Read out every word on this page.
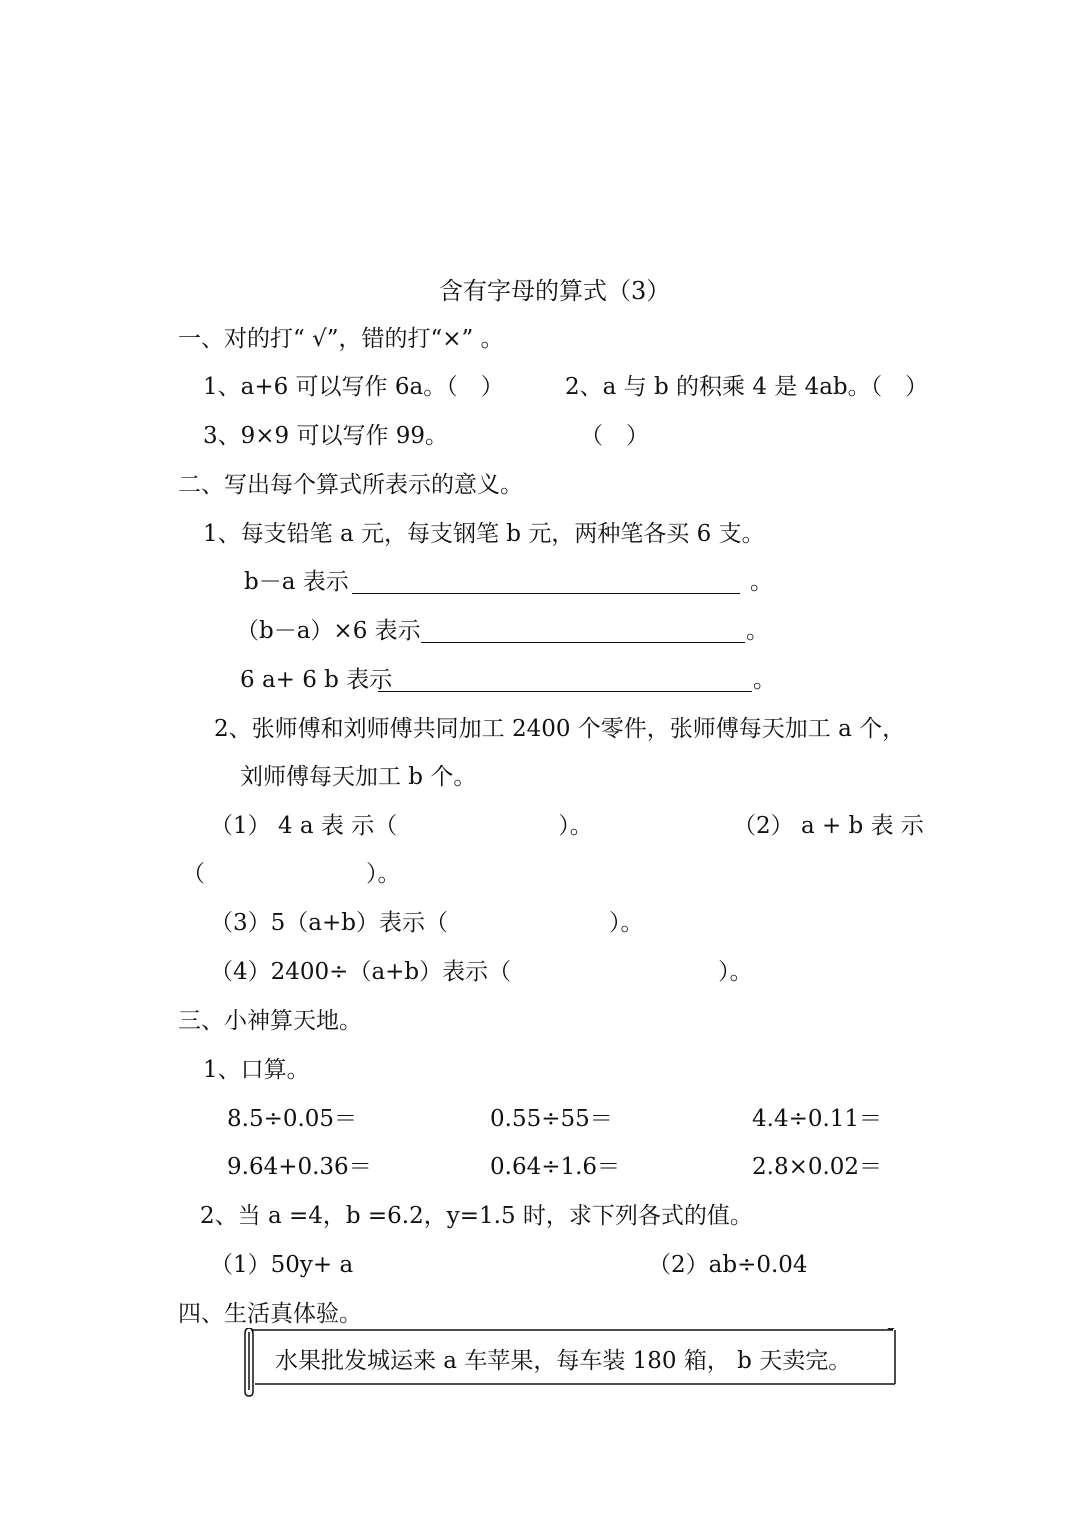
含有字母的算式（3）
一、对的打“ √”，错的打“×” 。
1、a+6 可以写作 6a。（　）	2、a 与 b 的积乘 4 是 4ab。（　）
3、9×9 可以写作 99。	（　）
二、写出每个算式所表示的意义。
1、每支铅笔 a 元，每支钢笔 b 元，两种笔各买 6 支。
b－a 表示	。
（b－a）×6 表示	。
6 a+ 6 b 表示	。
2、张师傅和刘师傅共同加工 2400 个零件，张师傅每天加工 a 个，
刘师傅每天加工 b 个。
（1） 4 a 表 示（　　　　　　　）。	（2） a + b 表 示
（　　　　　　　）。
（3）5（a+b）表示（　　　　　　　）。
（4）2400÷（a+b）表示（　　　　　　　　　）。
三、小神算天地。
1、口算。
8.5÷0.05＝	0.55÷55＝	4.4÷0.11＝
9.64+0.36＝	0.64÷1.6＝	2.8×0.02＝
2、当 a =4，b =6.2，y=1.5 时，求下列各式的值。
（1）50y+ a	（2）ab÷0.04
四、生活真体验。
水果批发城运来 a 车苹果，每车装 180 箱， b 天卖完。
